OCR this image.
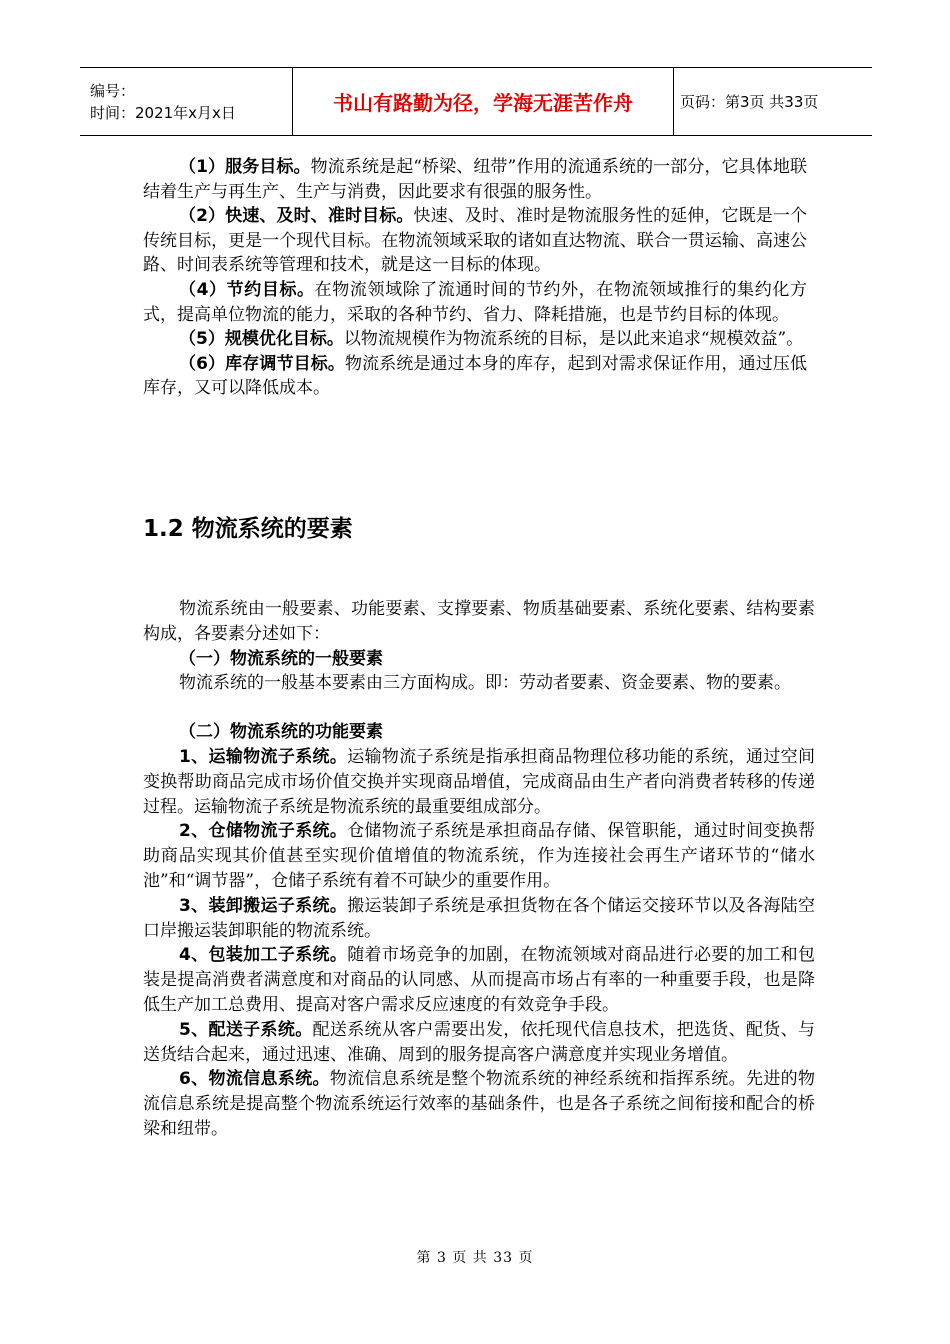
编号：
时间：2021年x月x日	书山有路勤为径，学海无涯苦作舟	页码：第3页 共33页

（1）服务目标。物流系统是起“桥梁、纽带”作用的流通系统的一部分，它具体地联结着生产与再生产、生产与消费，因此要求有很强的服务性。

（2）快速、及时、准时目标。快速、及时、准时是物流服务性的延伸，它既是一个传统目标，更是一个现代目标。在物流领域采取的诸如直达物流、联合一贯运输、高速公路、时间表系统等管理和技术，就是这一目标的体现。

（4）节约目标。在物流领域除了流通时间的节约外，在物流领域推行的集约化方式，提高单位物流的能力，采取的各种节约、省力、降耗措施，也是节约目标的体现。

（5）规模优化目标。以物流规模作为物流系统的目标，是以此来追求“规模效益”。

（6）库存调节目标。物流系统是通过本身的库存，起到对需求保证作用，通过压低库存，又可以降低成本。

1.2 物流系统的要素

物流系统由一般要素、功能要素、支撑要素、物质基础要素、系统化要素、结构要素构成，各要素分述如下：

（一）物流系统的一般要素

物流系统的一般基本要素由三方面构成。即：劳动者要素、资金要素、物的要素。

（二）物流系统的功能要素

1、运输物流子系统。运输物流子系统是指承担商品物理位移功能的系统，通过空间变换帮助商品完成市场价值交换并实现商品增值，完成商品由生产者向消费者转移的传递过程。运输物流子系统是物流系统的最重要组成部分。

2、仓储物流子系统。仓储物流子系统是承担商品存储、保管职能，通过时间变换帮助商品实现其价值甚至实现价值增值的物流系统，作为连接社会再生产诸环节的“储水池”和“调节器”，仓储子系统有着不可缺少的重要作用。

3、装卸搬运子系统。搬运装卸子系统是承担货物在各个储运交接环节以及各海陆空口岸搬运装卸职能的物流系统。

4、包装加工子系统。随着市场竞争的加剧，在物流领域对商品进行必要的加工和包装是提高消费者满意度和对商品的认同感、从而提高市场占有率的一种重要手段，也是降低生产加工总费用、提高对客户需求反应速度的有效竞争手段。

5、配送子系统。配送系统从客户需要出发，依托现代信息技术，把选货、配货、与送货结合起来，通过迅速、准确、周到的服务提高客户满意度并实现业务增值。

6、物流信息系统。物流信息系统是整个物流系统的神经系统和指挥系统。先进的物流信息系统是提高整个物流系统运行效率的基础条件，也是各子系统之间衔接和配合的桥梁和纽带。

第 3 页 共 33 页
